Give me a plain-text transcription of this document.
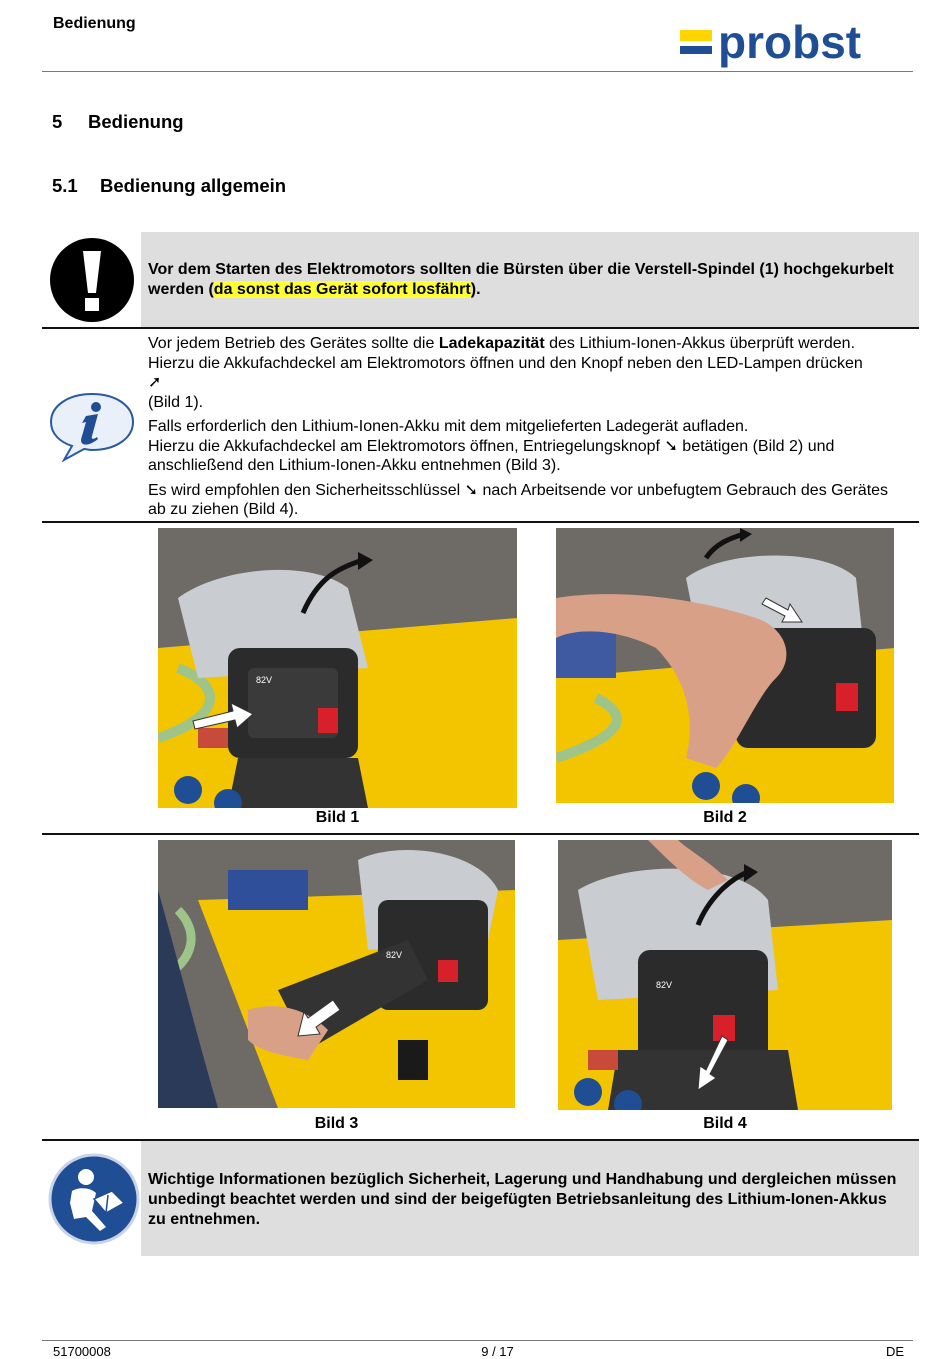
Bedienung	probst
5 Bedienung
5.1 Bedienung allgemein
Vor dem Starten des Elektromotors sollten die Bürsten über die Verstell-Spindel (1) hochgekurbelt werden (da sonst das Gerät sofort losfährt).

Vor jedem Betrieb des Gerätes sollte die Ladekapazität des Lithium-Ionen-Akkus überprüft werden.
Hierzu die Akkufachdeckel am Elektromotors öffnen und den Knopf neben den LED-Lampen drücken
➚
(Bild 1).

Falls erforderlich den Lithium-Ionen-Akku mit dem mitgelieferten Ladegerät aufladen.
Hierzu die Akkufachdeckel am Elektromotors öffnen, Entriegelungsknopf ➘ betätigen (Bild 2) und anschließend den Lithium-Ionen-Akku entnehmen (Bild 3).

Es wird empfohlen den Sicherheitsschlüssel ➘ nach Arbeitsende vor unbefugtem Gebrauch des Gerätes ab zu ziehen (Bild 4).

82V
Bild 1	Bild 2
82V
Bild 3
82V
Bild 4
Wichtige Informationen bezüglich Sicherheit, Lagerung und Handhabung und dergleichen müssen unbedingt beachtet werden und sind der beigefügten Betriebsanleitung des Lithium-Ionen-Akkus zu entnehmen.
51700008	9 / 17	DE
